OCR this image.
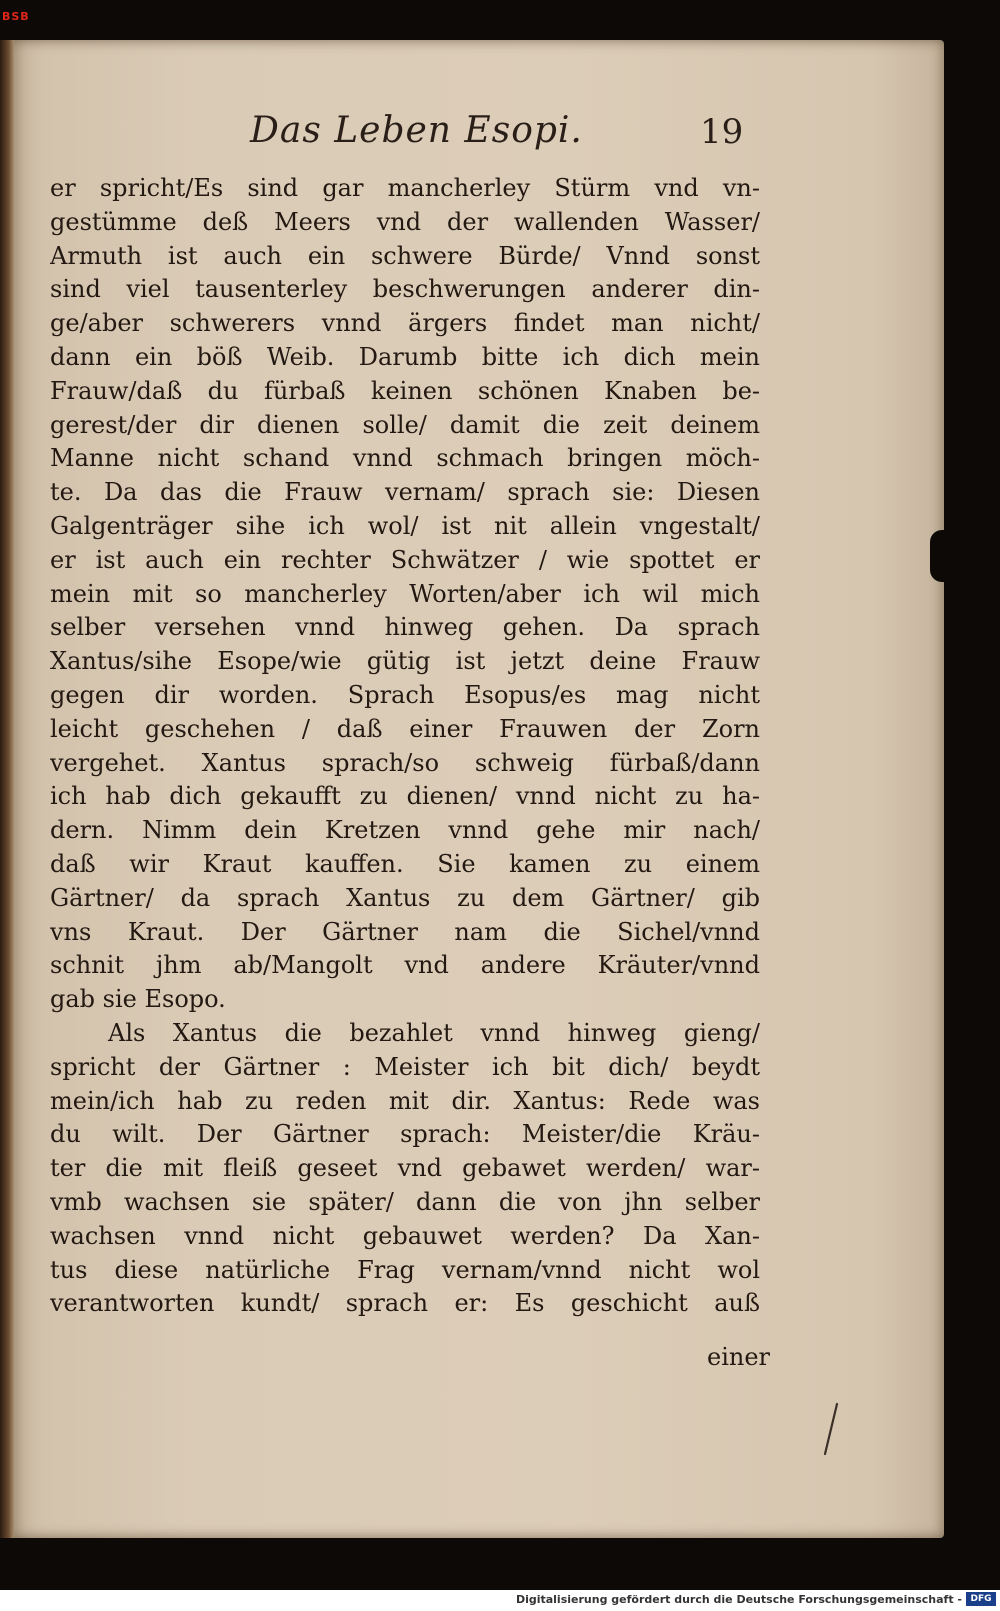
BSB
Das Leben Esopi.	19
er spricht/Es sind gar mancherley Stürm vnd vn-
gestümme deß Meers vnd der wallenden Wasser/
Armuth ist auch ein schwere Bürde/ Vnnd sonst
sind viel tausenterley beschwerungen anderer din-
ge/aber schwerers vnnd ärgers findet man nicht/
dann ein böß Weib. Darumb bitte ich dich mein
Frauw/daß du fürbaß keinen schönen Knaben be-
gerest/der dir dienen solle/ damit die zeit deinem
Manne nicht schand vnnd schmach bringen möch-
te. Da das die Frauw vernam/ sprach sie: Diesen
Galgenträger sihe ich wol/ ist nit allein vngestalt/
er ist auch ein rechter Schwätzer / wie spottet er
mein mit so mancherley Worten/aber ich wil mich
selber versehen vnnd hinweg gehen. Da sprach
Xantus/sihe Esope/wie gütig ist jetzt deine Frauw
gegen dir worden. Sprach Esopus/es mag nicht
leicht geschehen / daß einer Frauwen der Zorn
vergehet. Xantus sprach/so schweig fürbaß/dann
ich hab dich gekaufft zu dienen/ vnnd nicht zu ha-
dern. Nimm dein Kretzen vnnd gehe mir nach/
daß wir Kraut kauffen. Sie kamen zu einem
Gärtner/ da sprach Xantus zu dem Gärtner/ gib
vns Kraut. Der Gärtner nam die Sichel/vnnd
schnit jhm ab/Mangolt vnd andere Kräuter/vnnd
gab sie Esopo.
Als Xantus die bezahlet vnnd hinweg gieng/
spricht der Gärtner : Meister ich bit dich/ beydt
mein/ich hab zu reden mit dir. Xantus: Rede was
du wilt. Der Gärtner sprach: Meister/die Kräu-
ter die mit fleiß geseet vnd gebawet werden/ war-
vmb wachsen sie später/ dann die von jhn selber
wachsen vnnd nicht gebauwet werden? Da Xan-
tus diese natürliche Frag vernam/vnnd nicht wol
verantworten kundt/ sprach er: Es geschicht auß
einer
Digitalisierung gefördert durch die Deutsche Forschungsgemeinschaft - DFG
